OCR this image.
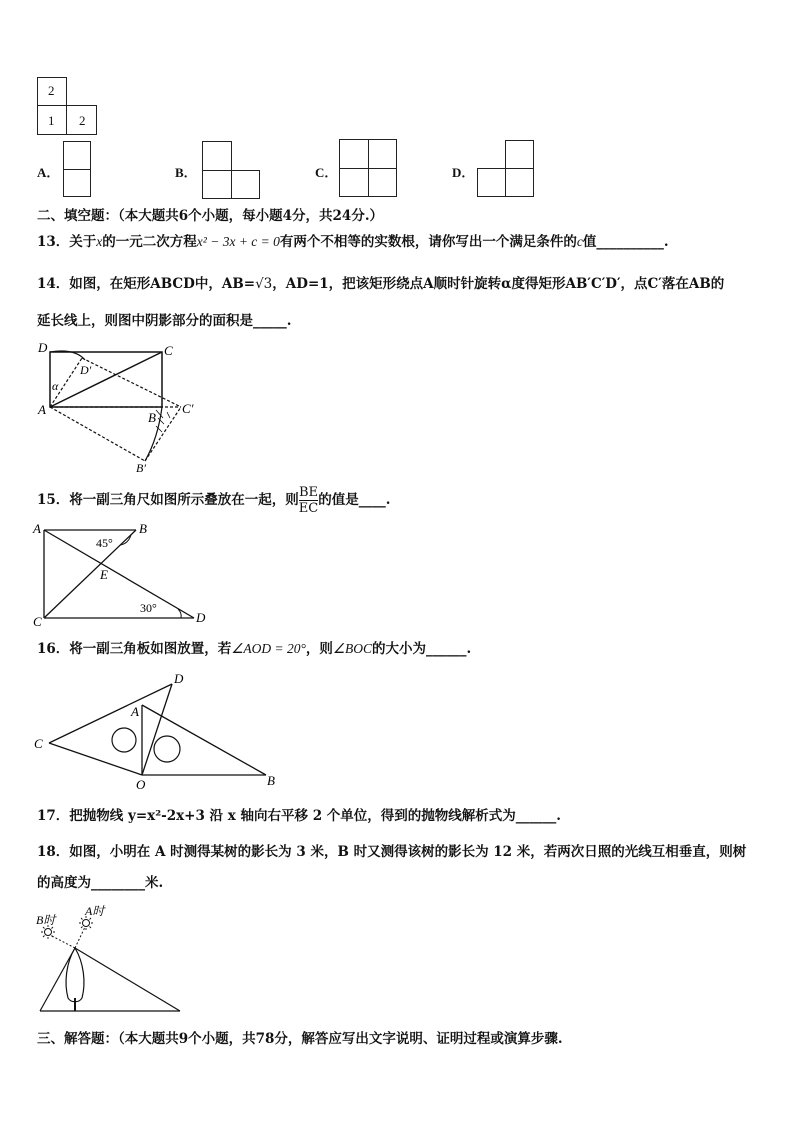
2
1 2
A．	B．	C．	D．
二、填空题：（本大题共6个小题，每小题4分，共24分.）
13．关于x的一元二次方程x² − 3x + c = 0有两个不相等的实数根，请你写出一个满足条件的c值__________.
14．如图，在矩形ABCD中，AB=√3，AD=1，把该矩形绕点A顺时针旋转α度得矩形AB′C′D′，点C′落在AB的
延长线上，则图中阴影部分的面积是_____.
D	C
D′
α
A
B
C′
B′
15．将一副三角尺如图所示叠放在一起，则 $\frac{BE}{EC}$ 的值是____.
A	B
C	D
E
45°
30°
16．将一副三角板如图放置，若∠AOD = 20°，则∠BOC的大小为______.
C
D
A
O	B
17．把抛物线 y=x²-2x+3 沿 x 轴向右平移 2 个单位，得到的抛物线解析式为______.
18．如图，小明在 A 时测得某树的影长为 3 米，B 时又测得该树的影长为 12 米，若两次日照的光线互相垂直，则树
的高度为________米.
B时
A时
三、解答题：（本大题共9个小题，共78分，解答应写出文字说明、证明过程或演算步骤.
